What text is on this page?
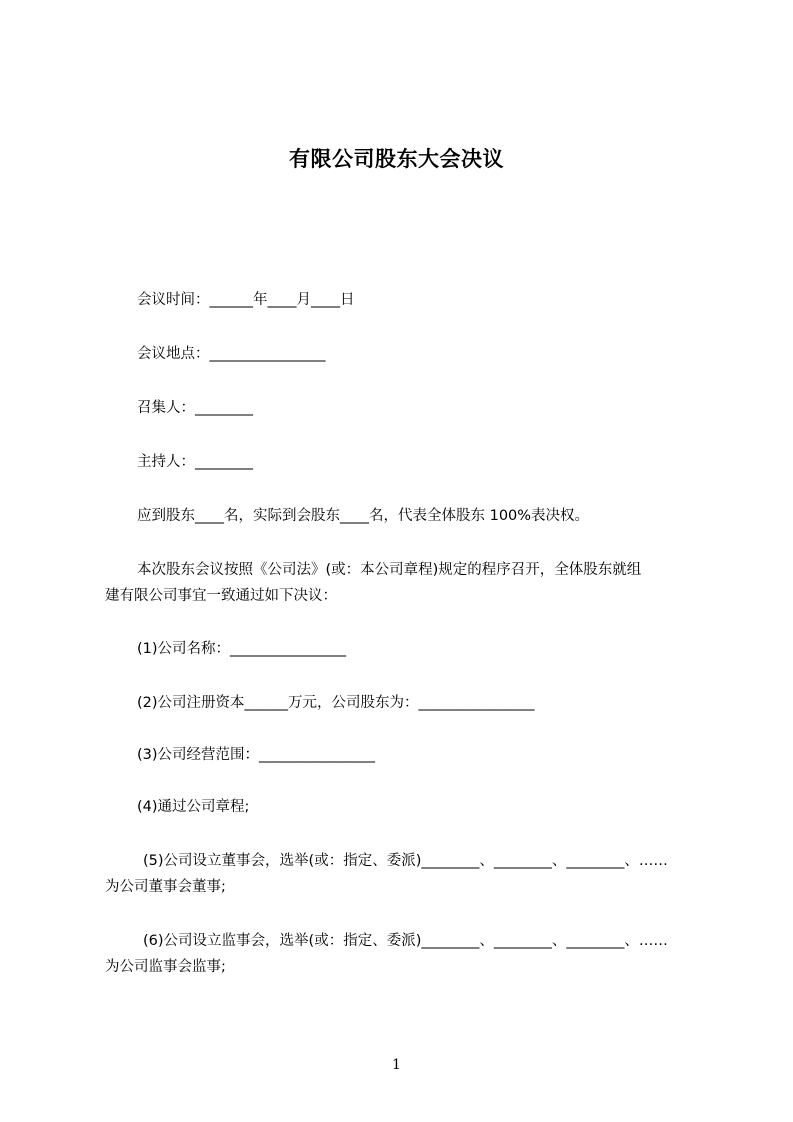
有限公司股东大会决议
会议时间：______年____月____日
会议地点：________________
召集人：________
主持人：________
应到股东____名，实际到会股东____名，代表全体股东 100%表决权。
本次股东会议按照《公司法》(或：本公司章程)规定的程序召开，全体股东就组
建有限公司事宜一致通过如下决议：
(1)公司名称：________________
(2)公司注册资本______万元，公司股东为：________________
(3)公司经营范围：________________
(4)通过公司章程;
(5)公司设立董事会，选举(或：指定、委派)________、________、________、……
为公司董事会董事;
(6)公司设立监事会，选举(或：指定、委派)________、________、________、……
为公司监事会监事;
1
